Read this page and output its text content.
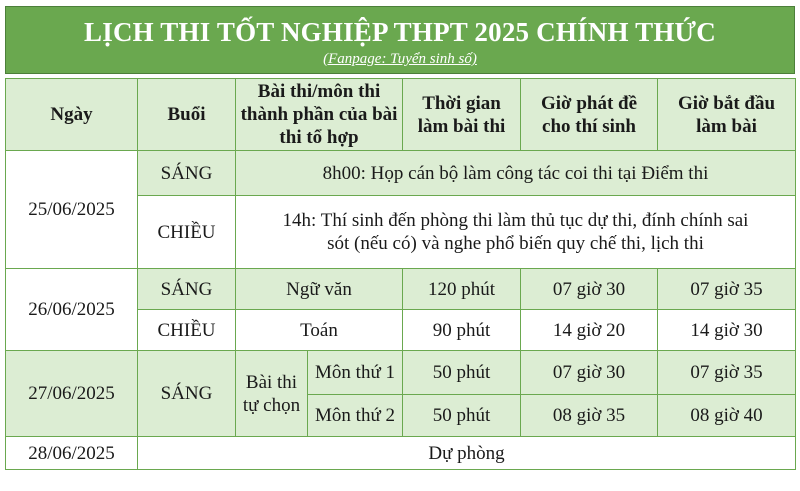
LỊCH THI TỐT NGHIỆP THPT 2025 CHÍNH THỨC
(Fanpage: Tuyển sinh số)
Ngày	Buổi	Bài thi/môn thi thành phần của bài thi tổ hợp		Thời gian làm bài thi	Giờ phát đề cho thí sinh	Giờ bắt đầu làm bài
25/06/2025	SÁNG	8h00: Họp cán bộ làm công tác coi thi tại Điểm thi				
	CHIỀU	14h: Thí sinh đến phòng thi làm thủ tục dự thi, đính chính sai sót (nếu có) và nghe phổ biến quy chế thi, lịch thi				
26/06/2025	SÁNG	Ngữ văn		120 phút	07 giờ 30	07 giờ 35
	CHIỀU	Toán		90 phút	14 giờ 20	14 giờ 30
27/06/2025	SÁNG	Bài thi tự chọn	Môn thứ 1	50 phút	07 giờ 30	07 giờ 35
			Môn thứ 2	50 phút	08 giờ 35	08 giờ 40
28/06/2025	Dự phòng					
